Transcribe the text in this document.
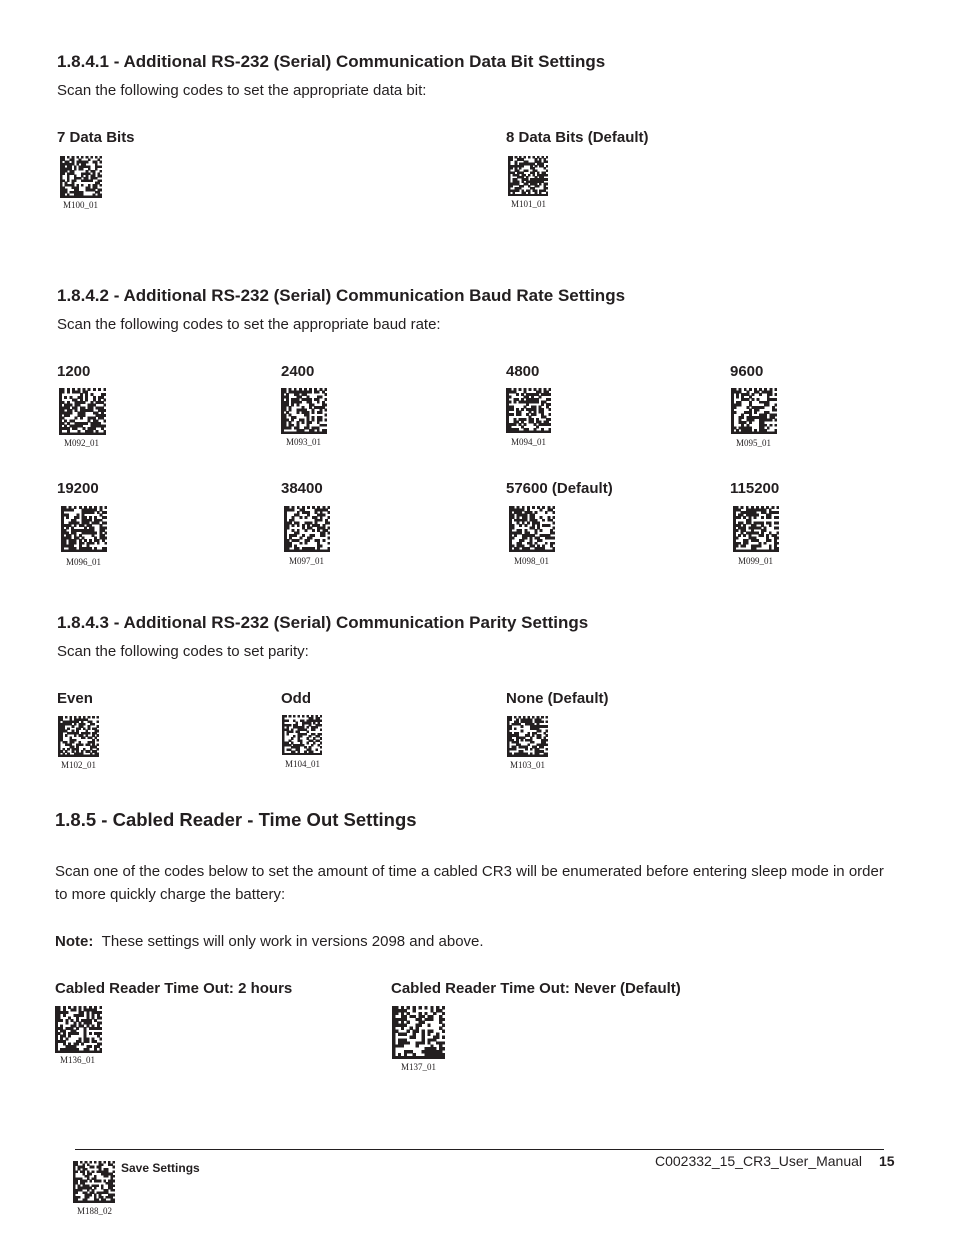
1.8.4.1 - Additional RS-232 (Serial) Communication Data Bit Settings
Scan the following codes to set the appropriate data bit:
7 Data Bits
M100_01
8 Data Bits (Default)
M101_01
1.8.4.2 - Additional RS-232 (Serial) Communication Baud Rate Settings
Scan the following codes to set the appropriate baud rate:
1200
M092_01
2400
M093_01
4800
M094_01
9600
M095_01
19200
M096_01
38400
M097_01
57600 (Default)
M098_01
115200
M099_01
1.8.4.3 - Additional RS-232 (Serial) Communication Parity Settings
Scan the following codes to set parity:
Even
M102_01
Odd
M104_01
None (Default)
M103_01
1.8.5 - Cabled Reader - Time Out Settings
Scan one of the codes below to set the amount of time a cabled CR3 will be enumerated before entering sleep mode in order to more quickly charge the battery:
Note: These settings will only work in versions 2098 and above.
Cabled Reader Time Out: 2 hours
M136_01
Cabled Reader Time Out: Never (Default)
M137_01
Save Settings
M188_02
C002332_15_CR3_User_Manual 15
